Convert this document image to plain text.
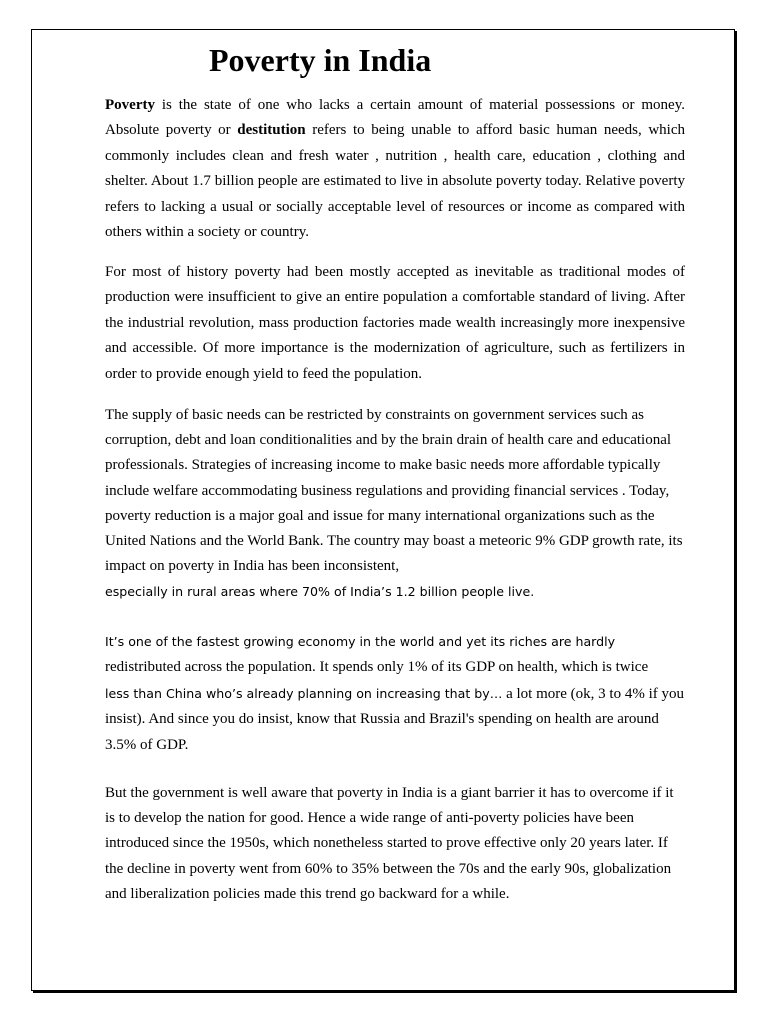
Poverty in India

Poverty is the state of one who lacks a certain amount of material possessions or money. Absolute poverty or destitution refers to being unable to afford basic human needs, which commonly includes clean and fresh water , nutrition , health care, education , clothing and shelter. About 1.7 billion people are estimated to live in absolute poverty today. Relative poverty refers to lacking a usual or socially acceptable level of resources or income as compared with others within a society or country.

For most of history poverty had been mostly accepted as inevitable as traditional modes of production were insufficient to give an entire population a comfortable standard of living. After the industrial revolution, mass production factories made wealth increasingly more inexpensive and accessible. Of more importance is the modernization of agriculture, such as fertilizers in order to provide enough yield to feed the population.

The supply of basic needs can be restricted by constraints on government services such as corruption, debt and loan conditionalities and by the brain drain of health care and educational professionals. Strategies of increasing income to make basic needs more affordable typically include welfare accommodating business regulations and providing financial services . Today, poverty reduction is a major goal and issue for many international organizations such as the United Nations and the World Bank. The country may boast a meteoric 9% GDP growth rate, its impact on poverty in India has been inconsistent,
especially in rural areas where 70% of India’s 1.2 billion people live.

It’s one of the fastest growing economy in the world and yet its riches are hardly
redistributed across the population. It spends only 1% of its GDP on health, which is twice
less than China who’s already planning on increasing that by… a lot more (ok, 3 to 4% if you insist). And since you do insist, know that Russia and Brazil's spending on health are around 3.5% of GDP.

But the government is well aware that poverty in India is a giant barrier it has to overcome if it is to develop the nation for good. Hence a wide range of anti-poverty policies have been introduced since the 1950s, which nonetheless started to prove effective only 20 years later. If the decline in poverty went from 60% to 35% between the 70s and the early 90s, globalization and liberalization policies made this trend go backward for a while.
